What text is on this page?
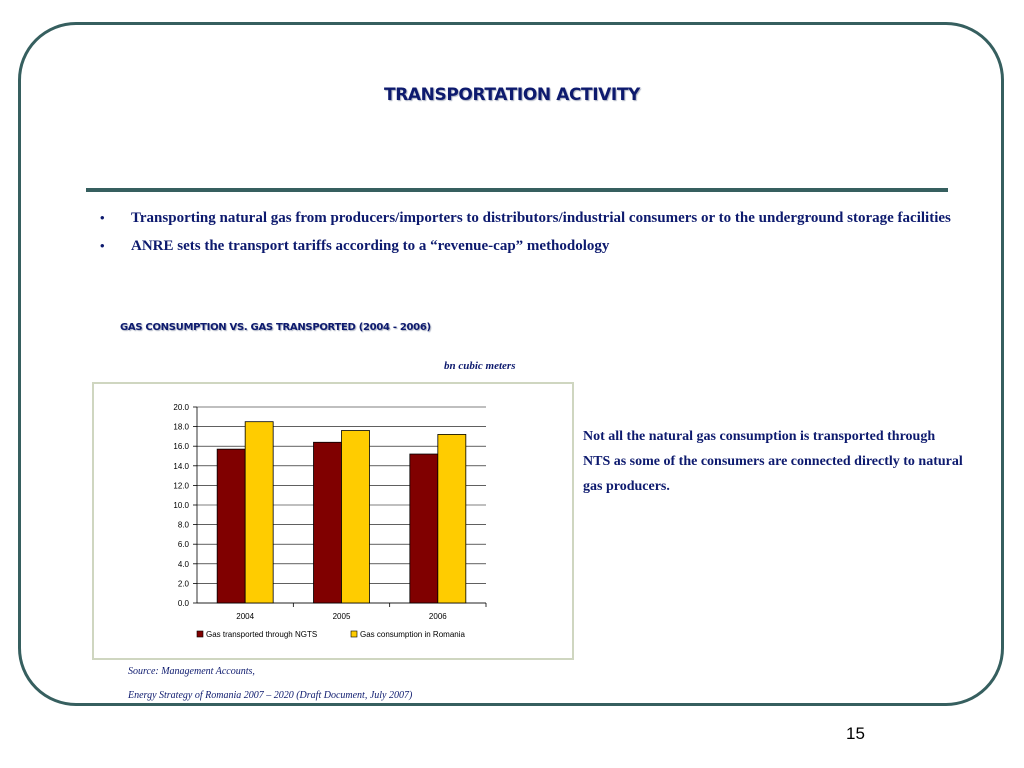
TRANSPORTATION ACTIVITY
• Transporting natural gas from producers/importers to distributors/industrial consumers or to the underground storage facilities
• ANRE sets the transport tariffs according to a “revenue-cap” methodology
GAS CONSUMPTION VS. GAS TRANSPORTED (2004 - 2006)
bn cubic meters
0.0
2.0
4.0
6.0
8.0
10.0
12.0
14.0
16.0
18.0
20.0
2004	2005	2006
Gas transported through NGTS	Gas consumption in Romania
Not all the natural gas consumption is transported through NTS as some of the consumers are connected directly to natural gas producers.
Source: Management Accounts,
Energy Strategy of Romania 2007 – 2020 (Draft Document, July 2007)
15
